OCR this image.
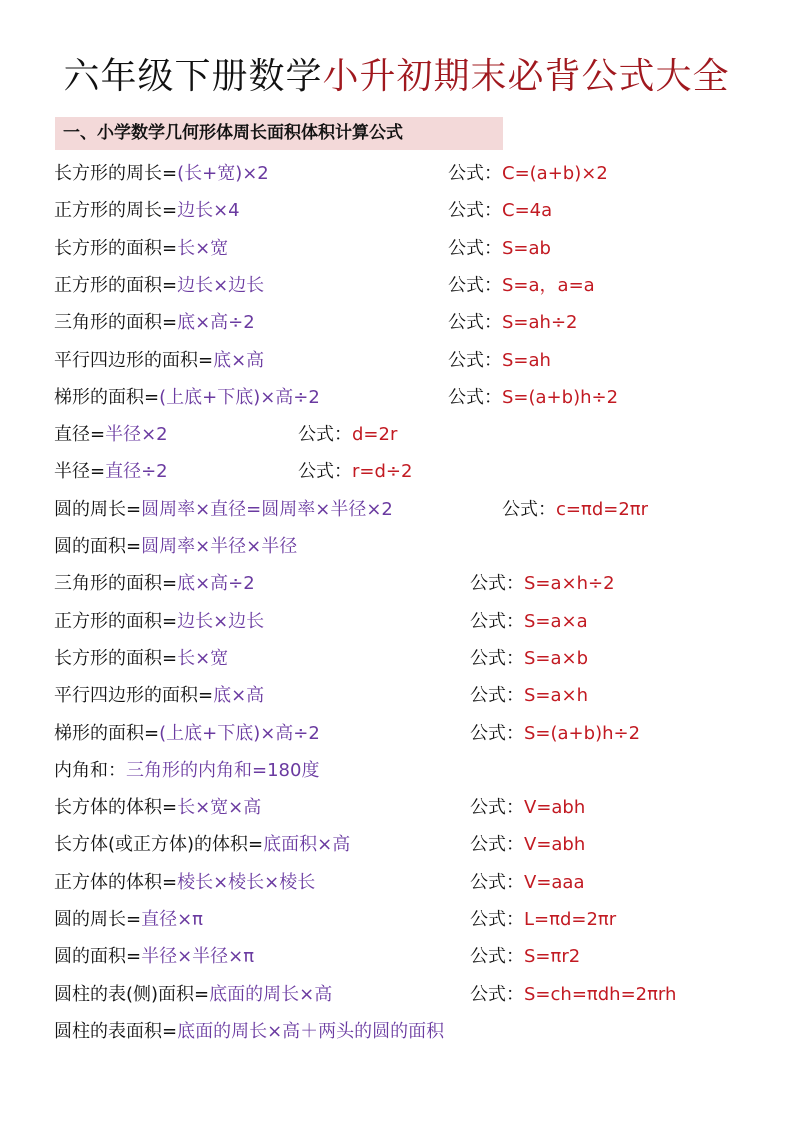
六年级下册数学小升初期末必背公式大全
一、小学数学几何形体周长面积体积计算公式
长方形的周长=(长+宽)×2	公式：C=(a+b)×2
正方形的周长=边长×4	公式：C=4a
长方形的面积=长×宽	公式：S=ab
正方形的面积=边长×边长	公式：S=a，a=a
三角形的面积=底×高÷2	公式：S=ah÷2
平行四边形的面积=底×高	公式：S=ah
梯形的面积=(上底+下底)×高÷2	公式：S=(a+b)h÷2
直径=半径×2	公式：d=2r
半径=直径÷2	公式：r=d÷2
圆的周长=圆周率×直径=圆周率×半径×2	公式：c=πd=2πr
圆的面积=圆周率×半径×半径
三角形的面积=底×高÷2	公式：S=a×h÷2
正方形的面积=边长×边长	公式：S=a×a
长方形的面积=长×宽	公式：S=a×b
平行四边形的面积=底×高	公式：S=a×h
梯形的面积=(上底+下底)×高÷2	公式：S=(a+b)h÷2
内角和：三角形的内角和=180度
长方体的体积=长×宽×高	公式：V=abh
长方体(或正方体)的体积=底面积×高	公式：V=abh
正方体的体积=棱长×棱长×棱长	公式：V=aaa
圆的周长=直径×π	公式：L=πd=2πr
圆的面积=半径×半径×π	公式：S=πr2
圆柱的表(侧)面积=底面的周长×高	公式：S=ch=πdh=2πrh
圆柱的表面积=底面的周长×高＋两头的圆的面积
